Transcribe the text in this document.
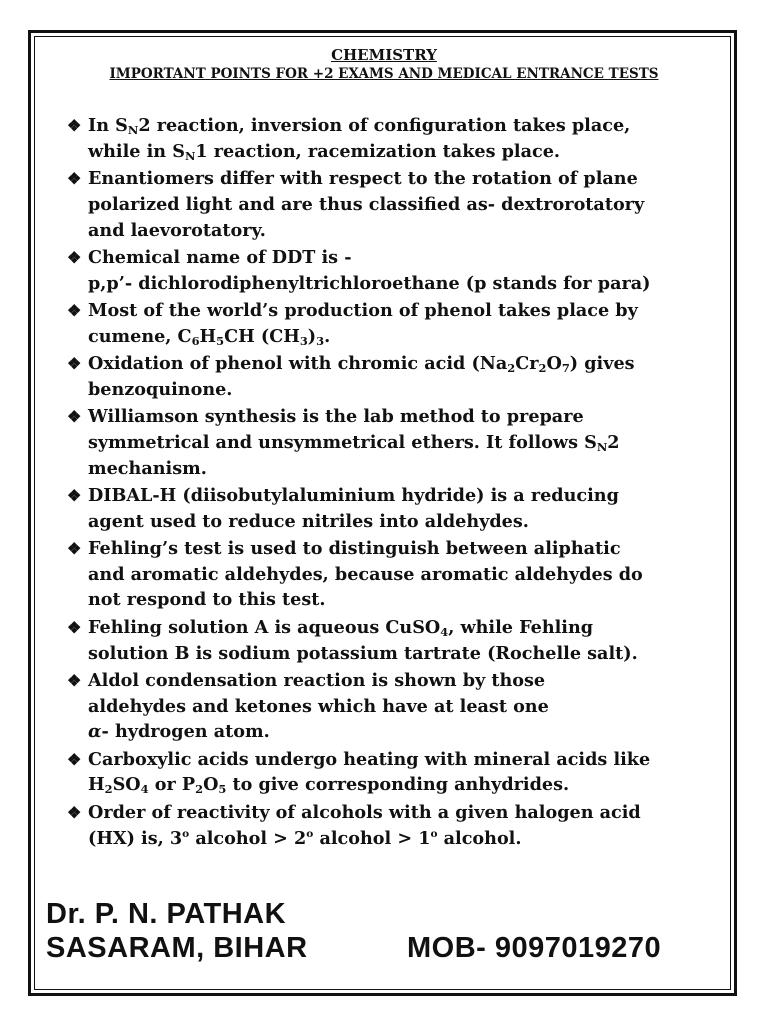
CHEMISTRY
IMPORTANT POINTS FOR +2 EXAMS AND MEDICAL ENTRANCE TESTS
❖ In $S_N2$ reaction, inversion of configuration takes place,
while in $S_N1$ reaction, racemization takes place.
❖ Enantiomers differ with respect to the rotation of plane
polarized light and are thus classified as- dextrorotatory
and laevorotatory.
❖ Chemical name of DDT is -
p,p’- dichlorodiphenyltrichloroethane (p stands for para)
❖ Most of the world’s production of phenol takes place by
cumene, $C_6H_5CH$ $(CH_3)_3$.
❖ Oxidation of phenol with chromic acid $(Na_2Cr_2O_7)$ gives
benzoquinone.
❖ Williamson synthesis is the lab method to prepare
symmetrical and unsymmetrical ethers. It follows $S_N2$
mechanism.
❖ DIBAL-H (diisobutylaluminium hydride) is a reducing
agent used to reduce nitriles into aldehydes.
❖ Fehling’s test is used to distinguish between aliphatic
and aromatic aldehydes, because aromatic aldehydes do
not respond to this test.
❖ Fehling solution A is aqueous CuSO$_4$, while Fehling
solution B is sodium potassium tartrate (Rochelle salt).
❖ Aldol condensation reaction is shown by those
aldehydes and ketones which have at least one
α- hydrogen atom.
❖ Carboxylic acids undergo heating with mineral acids like
$H_2SO_4$ or $P_2O_5$ to give corresponding anhydrides.
❖ Order of reactivity of alcohols with a given halogen acid
(HX) is, 3$^o$ alcohol > $2^o$ alcohol > $1^o$ alcohol.
Dr. P. N. PATHAK
SASARAM, BIHAR	MOB- 9097019270
